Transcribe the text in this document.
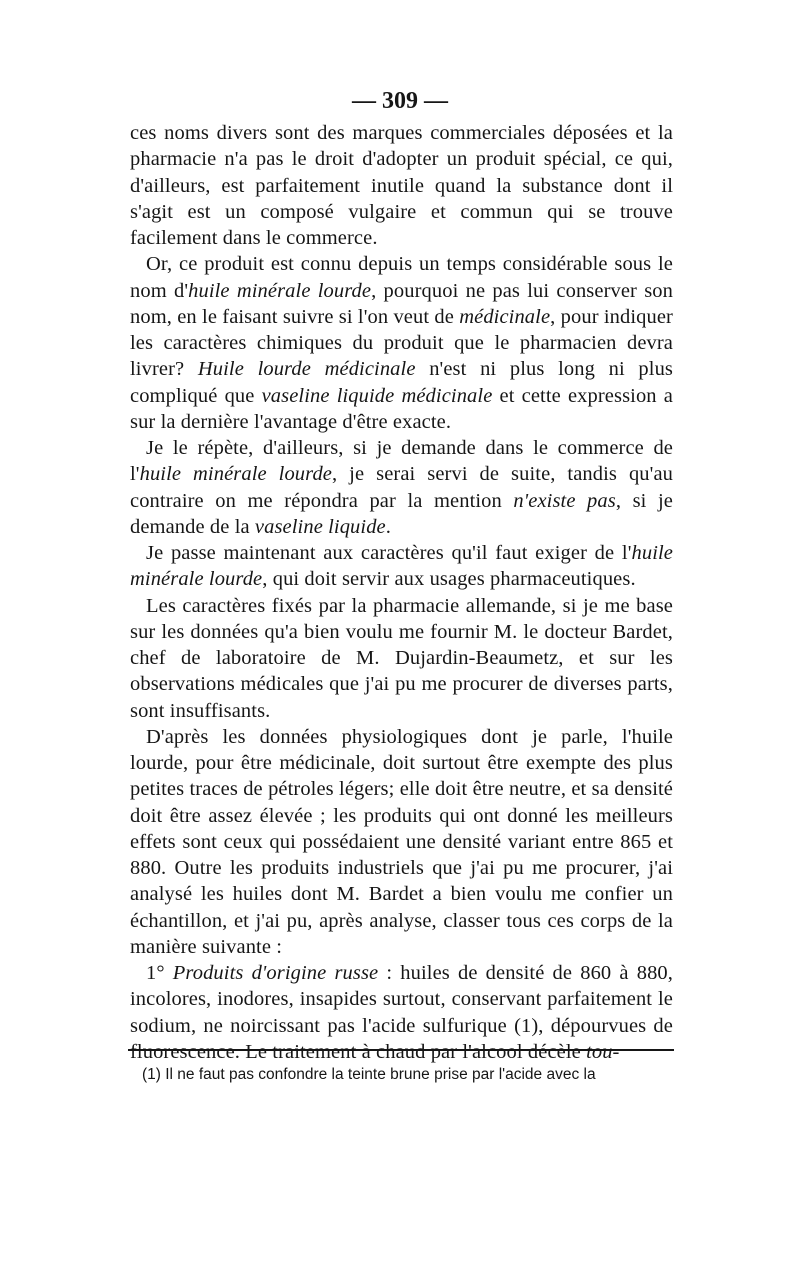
— 309 —

ces noms divers sont des marques commerciales déposées et la pharmacie n'a pas le droit d'adopter un produit spécial, ce qui, d'ailleurs, est parfaitement inutile quand la substance dont il s'agit est un composé vulgaire et commun qui se trouve facilement dans le commerce.

Or, ce produit est connu depuis un temps considérable sous le nom d'huile minérale lourde, pourquoi ne pas lui conserver son nom, en le faisant suivre si l'on veut de médicinale, pour indiquer les caractères chimiques du produit que le pharmacien devra livrer? Huile lourde médicinale n'est ni plus long ni plus compliqué que vaseline liquide médicinale et cette expression a sur la dernière l'avantage d'être exacte.

Je le répète, d'ailleurs, si je demande dans le commerce de l'huile minérale lourde, je serai servi de suite, tandis qu'au contraire on me répondra par la mention n'existe pas, si je demande de la vaseline liquide.

Je passe maintenant aux caractères qu'il faut exiger de l'huile minérale lourde, qui doit servir aux usages pharmaceutiques.

Les caractères fixés par la pharmacie allemande, si je me base sur les données qu'a bien voulu me fournir M. le docteur Bardet, chef de laboratoire de M. Dujardin-Beaumetz, et sur les observations médicales que j'ai pu me procurer de diverses parts, sont insuffisants.

D'après les données physiologiques dont je parle, l'huile lourde, pour être médicinale, doit surtout être exempte des plus petites traces de pétroles légers; elle doit être neutre, et sa densité doit être assez élevée ; les produits qui ont donné les meilleurs effets sont ceux qui possédaient une densité variant entre 865 et 880. Outre les produits industriels que j'ai pu me procurer, j'ai analysé les huiles dont M. Bardet a bien voulu me confier un échantillon, et j'ai pu, après analyse, classer tous ces corps de la manière suivante :

1° Produits d'origine russe : huiles de densité de 860 à 880, incolores, inodores, insapides surtout, conservant parfaitement le sodium, ne noircissant pas l'acide sulfurique (1), dépourvues de fluorescence. Le traitement à chaud par l'alcool décèle tou-

(1) Il ne faut pas confondre la teinte brune prise par l'acide avec la
